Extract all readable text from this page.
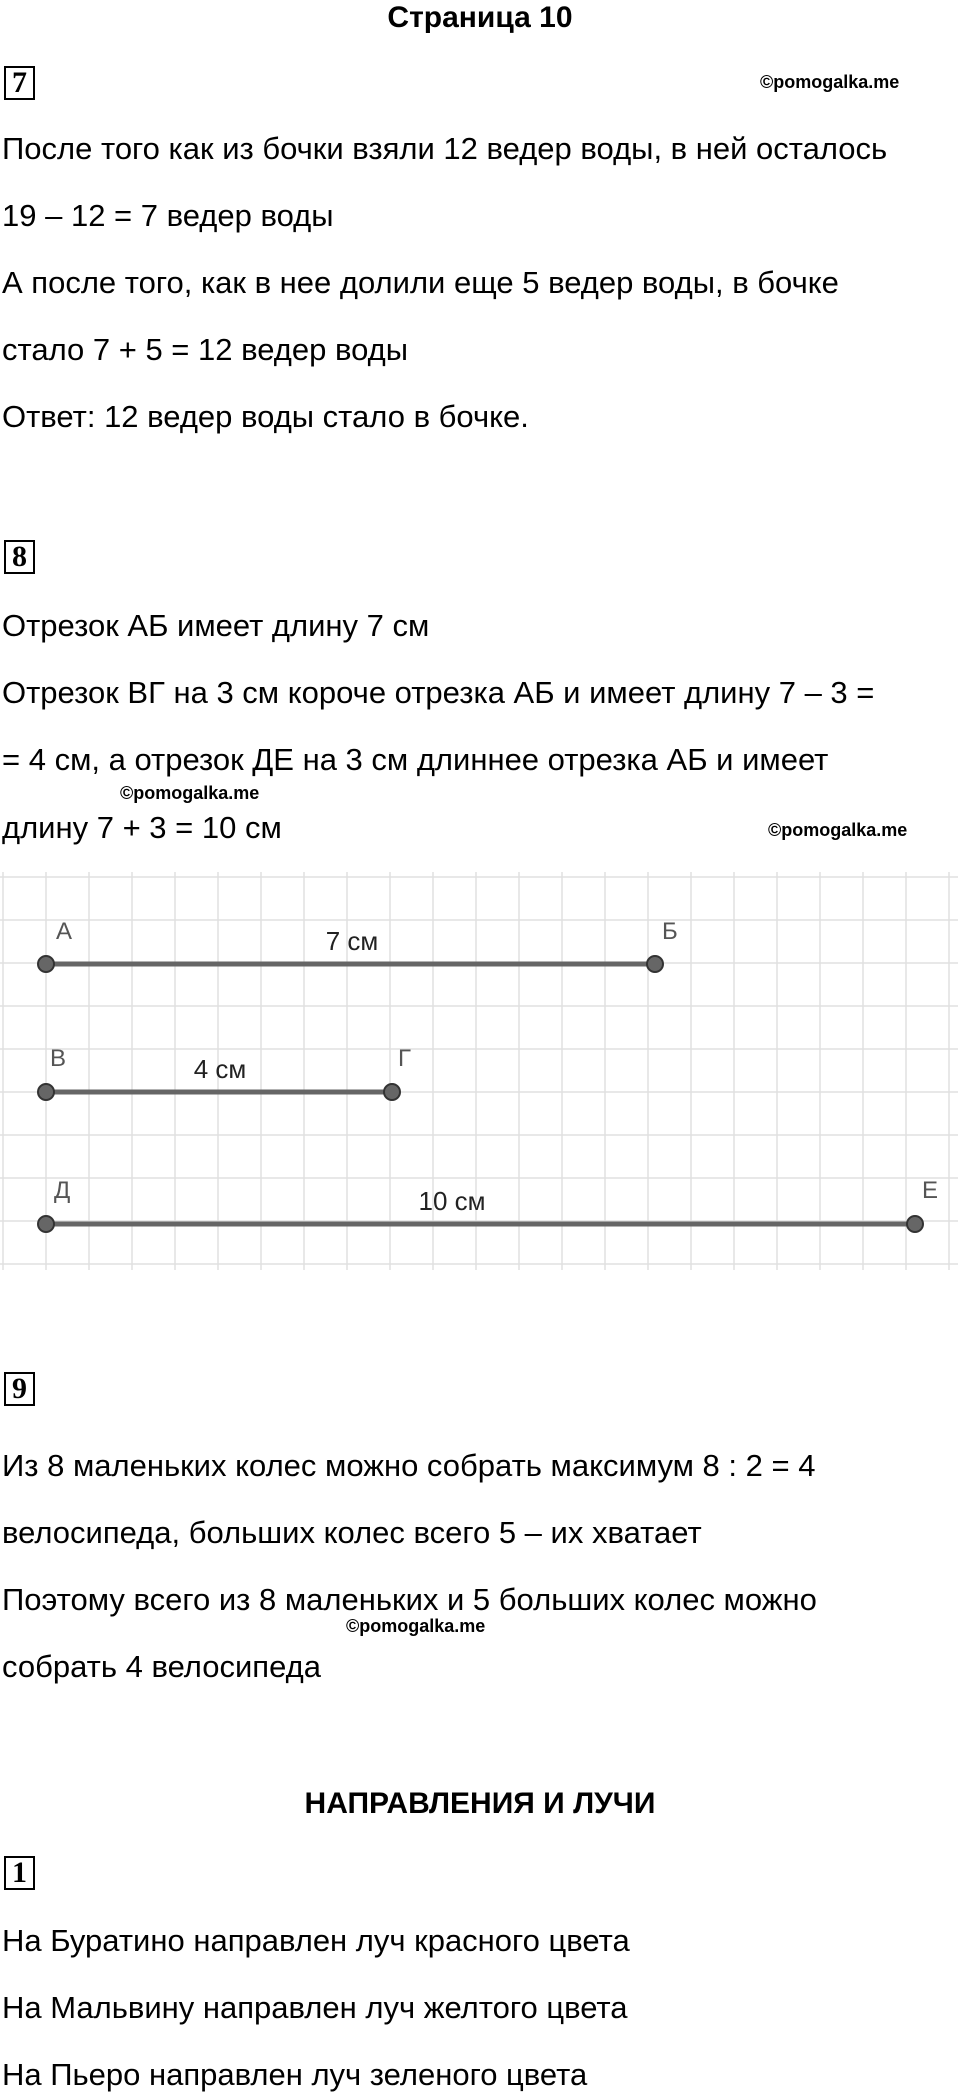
Страница 10
7	©pomogalka.me
После того как из бочки взяли 12 ведер воды, в ней осталось
19 – 12 = 7 ведер воды
А после того, как в нее долили еще 5 ведер воды, в бочке
стало 7 + 5 = 12 ведер воды
Ответ: 12 ведер воды стало в бочке.
8
Отрезок АБ имеет длину 7 см
Отрезок ВГ на 3 см короче отрезка АБ и имеет длину 7 – 3 =
= 4 см, а отрезок ДЕ на 3 см длиннее отрезка АБ и имеет
©pomogalka.me
длину 7 + 3 = 10 см	©pomogalka.me
А	Б
7 см
В	Г
4 см
Д	Е
10 см
9
Из 8 маленьких колес можно собрать максимум 8 : 2 = 4
велосипеда, больших колес всего 5 – их хватает
Поэтому всего из 8 маленьких и 5 больших колес можно
©pomogalka.me
собрать 4 велосипеда
НАПРАВЛЕНИЯ И ЛУЧИ
1
На Буратино направлен луч красного цвета
На Мальвину направлен луч желтого цвета
На Пьеро направлен луч зеленого цвета
